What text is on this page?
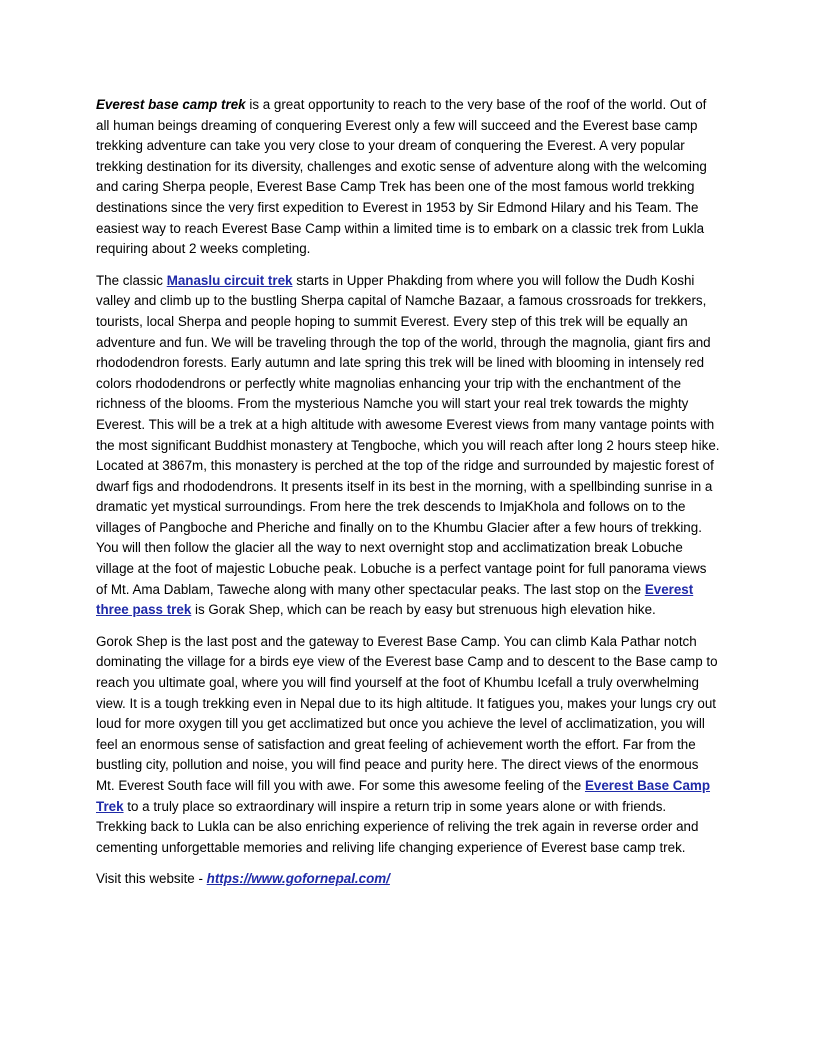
Everest base camp trek is a great opportunity to reach to the very base of the roof of the world. Out of all human beings dreaming of conquering Everest only a few will succeed and the Everest base camp trekking adventure can take you very close to your dream of conquering the Everest. A very popular trekking destination for its diversity, challenges and exotic sense of adventure along with the welcoming and caring Sherpa people, Everest Base Camp Trek has been one of the most famous world trekking destinations since the very first expedition to Everest in 1953 by Sir Edmond Hilary and his Team. The easiest way to reach Everest Base Camp within a limited time is to embark on a classic trek from Lukla requiring about 2 weeks completing.

The classic Manaslu circuit trek starts in Upper Phakding from where you will follow the Dudh Koshi valley and climb up to the bustling Sherpa capital of Namche Bazaar, a famous crossroads for trekkers, tourists, local Sherpa and people hoping to summit Everest. Every step of this trek will be equally an adventure and fun. We will be traveling through the top of the world, through the magnolia, giant firs and rhododendron forests. Early autumn and late spring this trek will be lined with blooming in intensely red colors rhododendrons or perfectly white magnolias enhancing your trip with the enchantment of the richness of the blooms. From the mysterious Namche you will start your real trek towards the mighty Everest. This will be a trek at a high altitude with awesome Everest views from many vantage points with the most significant Buddhist monastery at Tengboche, which you will reach after long 2 hours steep hike. Located at 3867m, this monastery is perched at the top of the ridge and surrounded by majestic forest of dwarf figs and rhododendrons. It presents itself in its best in the morning, with a spellbinding sunrise in a dramatic yet mystical surroundings. From here the trek descends to ImjaKhola and follows on to the villages of Pangboche and Pheriche and finally on to the Khumbu Glacier after a few hours of trekking. You will then follow the glacier all the way to next overnight stop and acclimatization break Lobuche village at the foot of majestic Lobuche peak. Lobuche is a perfect vantage point for full panorama views of Mt. Ama Dablam, Taweche along with many other spectacular peaks. The last stop on the Everest three pass trek is Gorak Shep, which can be reach by easy but strenuous high elevation hike.

Gorok Shep is the last post and the gateway to Everest Base Camp. You can climb Kala Pathar notch dominating the village for a birds eye view of the Everest base Camp and to descent to the Base camp to reach you ultimate goal, where you will find yourself at the foot of Khumbu Icefall a truly overwhelming view. It is a tough trekking even in Nepal due to its high altitude. It fatigues you, makes your lungs cry out loud for more oxygen till you get acclimatized but once you achieve the level of acclimatization, you will feel an enormous sense of satisfaction and great feeling of achievement worth the effort. Far from the bustling city, pollution and noise, you will find peace and purity here. The direct views of the enormous Mt. Everest South face will fill you with awe. For some this awesome feeling of the Everest Base Camp Trek to a truly place so extraordinary will inspire a return trip in some years alone or with friends. Trekking back to Lukla can be also enriching experience of reliving the trek again in reverse order and cementing unforgettable memories and reliving life changing experience of Everest base camp trek.

Visit this website - https://www.gofornepal.com/
